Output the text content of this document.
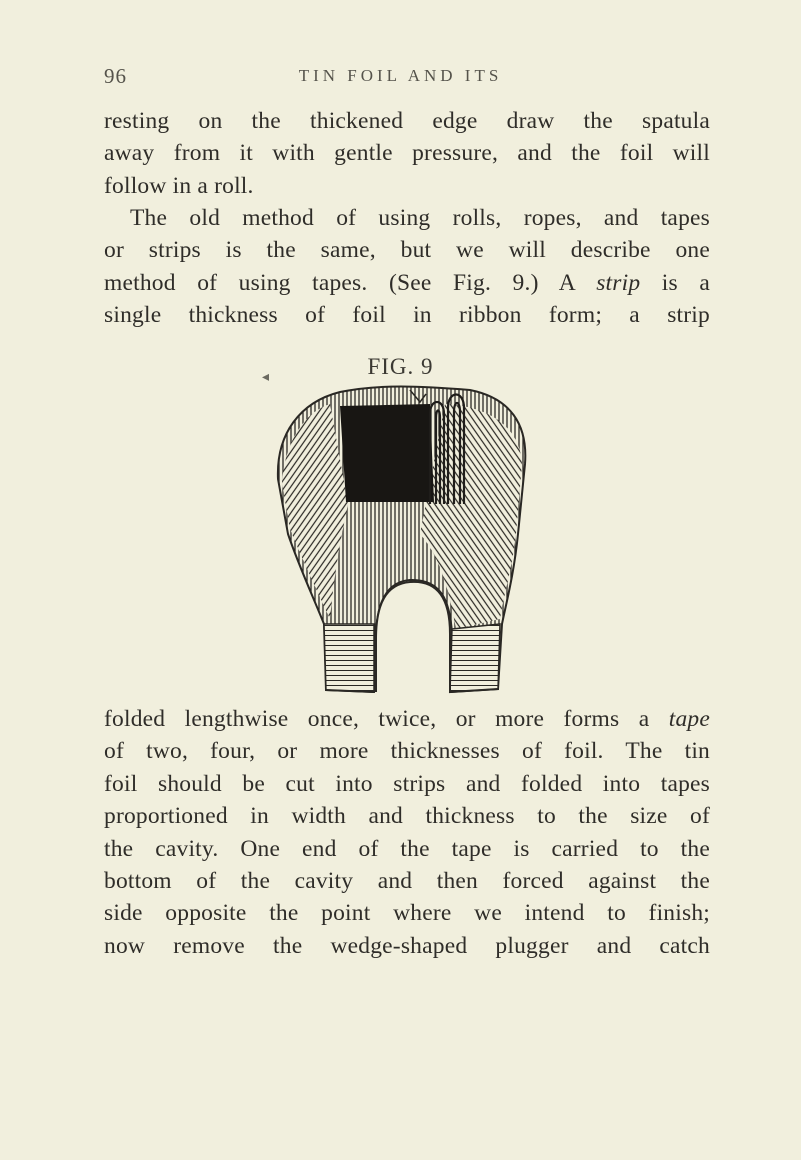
96	TIN FOIL AND ITS
resting on the thickened edge draw the spatula
away from it with gentle pressure, and the foil will
follow in a roll.
The old method of using rolls, ropes, and tapes
or strips is the same, but we will describe one
method of using tapes. (See Fig. 9.) A strip is a
single thickness of foil in ribbon form; a strip
FIG. 9
folded lengthwise once, twice, or more forms a tape
of two, four, or more thicknesses of foil. The tin
foil should be cut into strips and folded into tapes
proportioned in width and thickness to the size of
the cavity. One end of the tape is carried to the
bottom of the cavity and then forced against the
side opposite the point where we intend to finish;
now remove the wedge-shaped plugger and catch
◂
